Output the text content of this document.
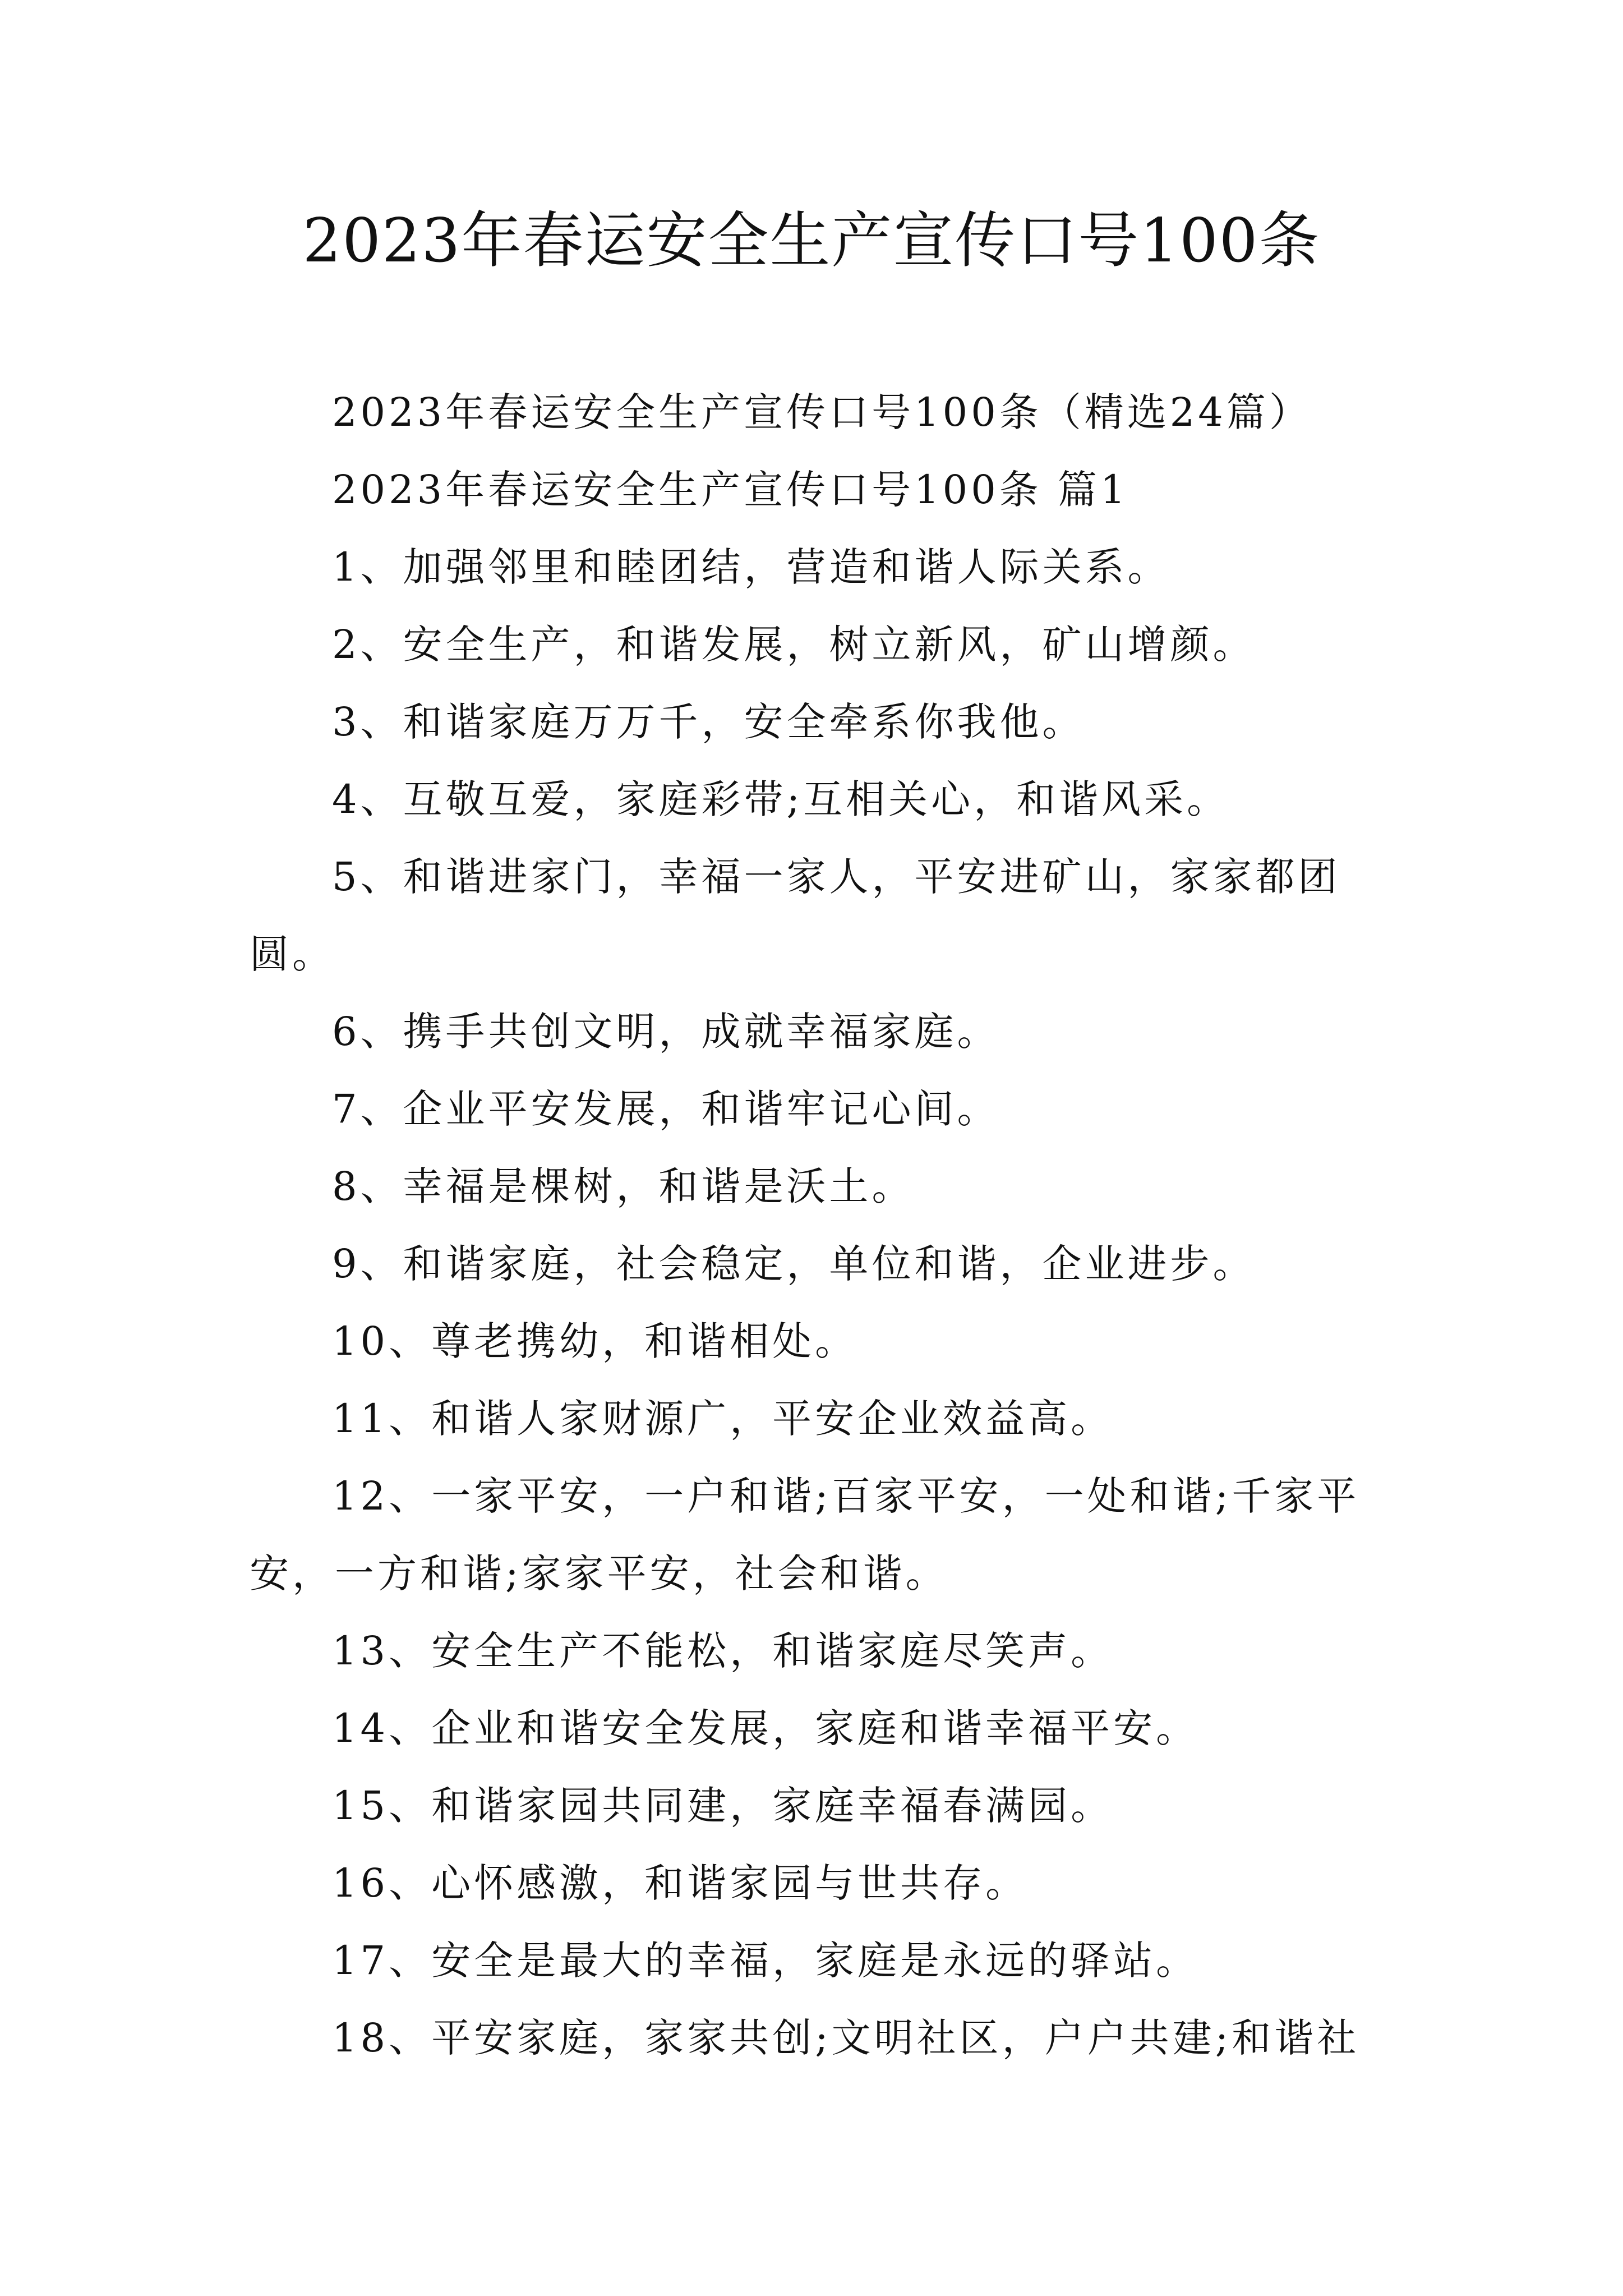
2023年春运安全生产宣传口号100条

2023年春运安全生产宣传口号100条（精选24篇）

2023年春运安全生产宣传口号100条 篇1

1、加强邻里和睦团结，营造和谐人际关系。

2、安全生产，和谐发展，树立新风，矿山增颜。

3、和谐家庭万万千，安全牵系你我他。

4、互敬互爱，家庭彩带;互相关心，和谐风采。

5、和谐进家门，幸福一家人，平安进矿山，家家都团圆。

6、携手共创文明，成就幸福家庭。

7、企业平安发展，和谐牢记心间。

8、幸福是棵树，和谐是沃土。

9、和谐家庭，社会稳定，单位和谐，企业进步。

10、尊老携幼，和谐相处。

11、和谐人家财源广，平安企业效益高。

12、一家平安，一户和谐;百家平安，一处和谐;千家平安，一方和谐;家家平安，社会和谐。

13、安全生产不能松，和谐家庭尽笑声。

14、企业和谐安全发展，家庭和谐幸福平安。

15、和谐家园共同建，家庭幸福春满园。

16、心怀感激，和谐家园与世共存。

17、安全是最大的幸福，家庭是永远的驿站。

18、平安家庭，家家共创;文明社区，户户共建;和谐社
